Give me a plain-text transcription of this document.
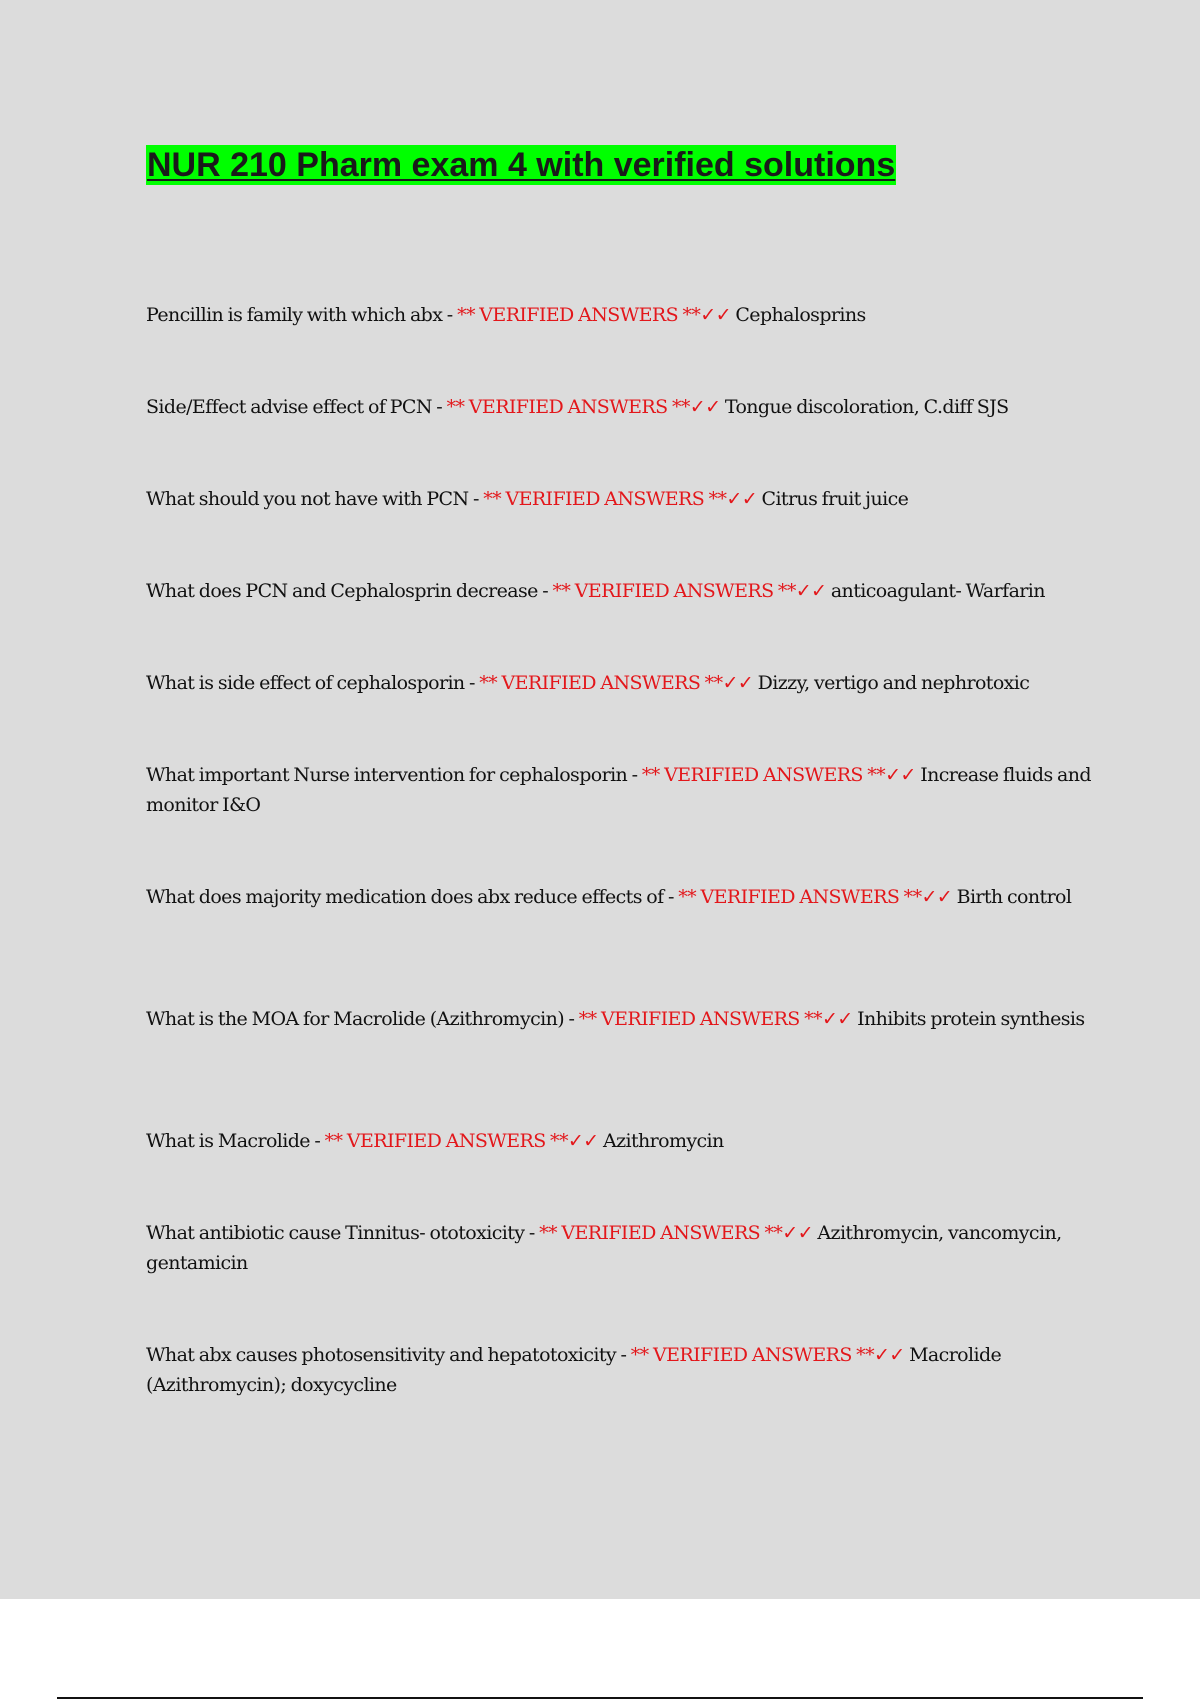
NUR 210 Pharm exam 4 with verified solutions
Pencillin is family with which abx - ** VERIFIED ANSWERS **✓✓ Cephalosprins
Side/Effect advise effect of PCN - ** VERIFIED ANSWERS **✓✓ Tongue discoloration, C.diff SJS
What should you not have with PCN - ** VERIFIED ANSWERS **✓✓ Citrus fruit juice
What does PCN and Cephalosprin decrease - ** VERIFIED ANSWERS **✓✓ anticoagulant- Warfarin
What is side effect of cephalosporin - ** VERIFIED ANSWERS **✓✓ Dizzy, vertigo and nephrotoxic
What important Nurse intervention for cephalosporin - ** VERIFIED ANSWERS **✓✓ Increase fluids and monitor I&O
What does majority medication does abx reduce effects of - ** VERIFIED ANSWERS **✓✓ Birth control
What is the MOA for Macrolide (Azithromycin) - ** VERIFIED ANSWERS **✓✓ Inhibits protein synthesis
What is Macrolide - ** VERIFIED ANSWERS **✓✓ Azithromycin
What antibiotic cause Tinnitus- ototoxicity - ** VERIFIED ANSWERS **✓✓ Azithromycin, vancomycin, gentamicin
What abx causes photosensitivity and hepatotoxicity - ** VERIFIED ANSWERS **✓✓ Macrolide (Azithromycin); doxycycline
